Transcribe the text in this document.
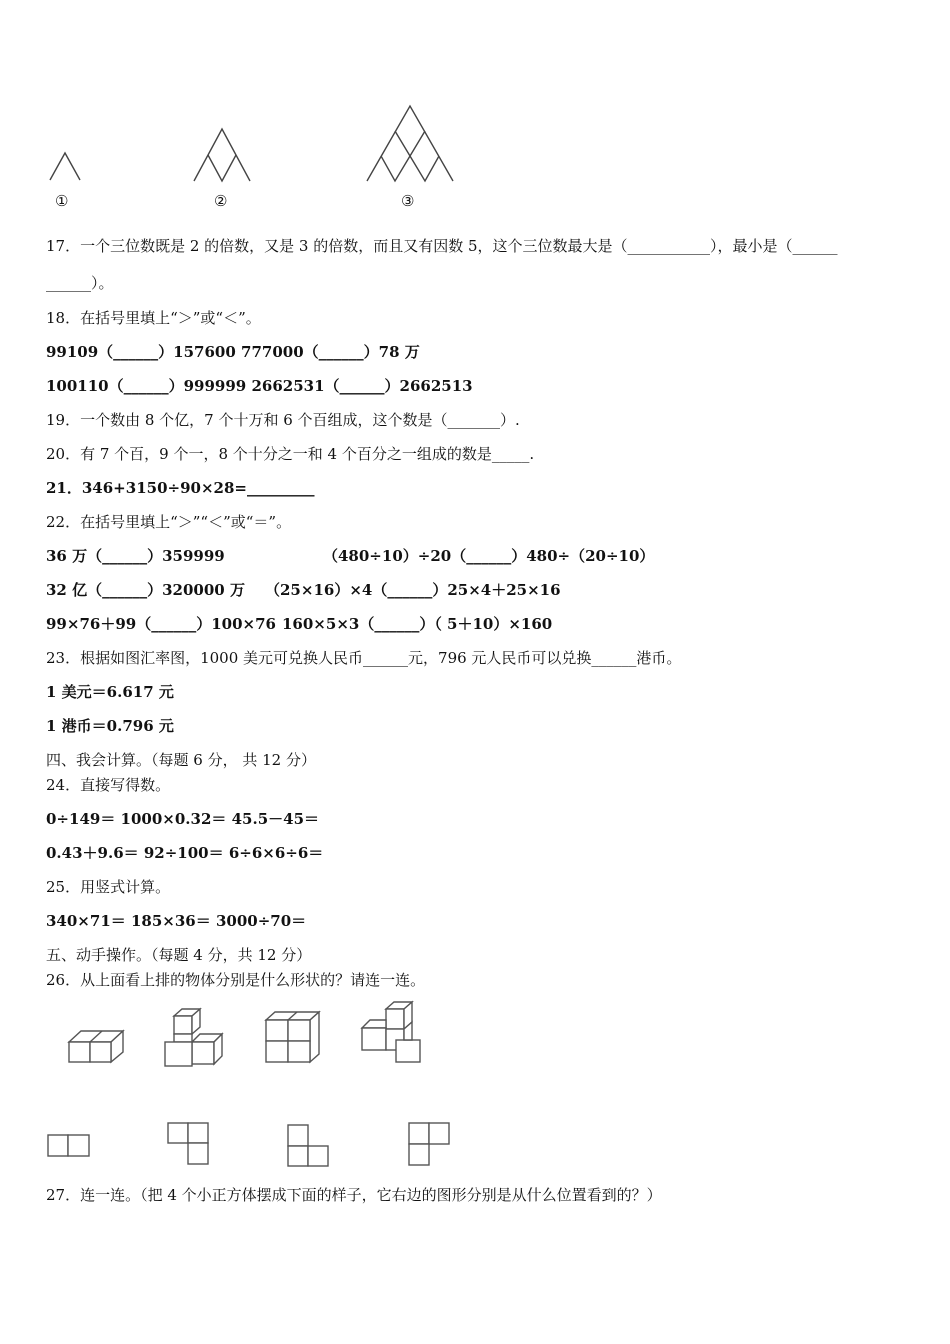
①	②	③
17．一个三位数既是 2 的倍数，又是 3 的倍数，而且又有因数 5，这个三位数最大是（___________），最小是（______
______）。
18．在括号里填上“＞”或“＜”。
99109（______）157600 777000（______）78 万
100110（______）999999 2662531（______）2662513
19．一个数由 8 个亿，7 个十万和 6 个百组成，这个数是（_______）.
20．有 7 个百，9 个一，8 个十分之一和 4 个百分之一组成的数是_____.
21．346+3150÷90×28=_________
22．在括号里填上“＞”“＜”或“＝”。
36 万（______）359999	（480÷10）÷20（______）480÷（20÷10）
32 亿（______）320000 万 （25×16）×4（______）25×4＋25×16
99×76＋99（______）100×76 160×5×3（______）（ 5＋10）×160
23．根据如图汇率图，1000 美元可兑换人民币______元，796 元人民币可以兑换______港币。
1 美元＝6.617 元
1 港币＝0.796 元
四、我会计算。（每题 6 分， 共 12 分）
24．直接写得数。
0÷149＝ 1000×0.32＝ 45.5－45＝
0.43＋9.6＝ 92÷100＝ 6÷6×6÷6＝
25．用竖式计算。
340×71＝ 185×36＝ 3000÷70＝
五、动手操作。（每题 4 分，共 12 分）
26．从上面看上排的物体分别是什么形状的？请连一连。
27．连一连。（把 4 个小正方体摆成下面的样子，它右边的图形分别是从什么位置看到的？）
